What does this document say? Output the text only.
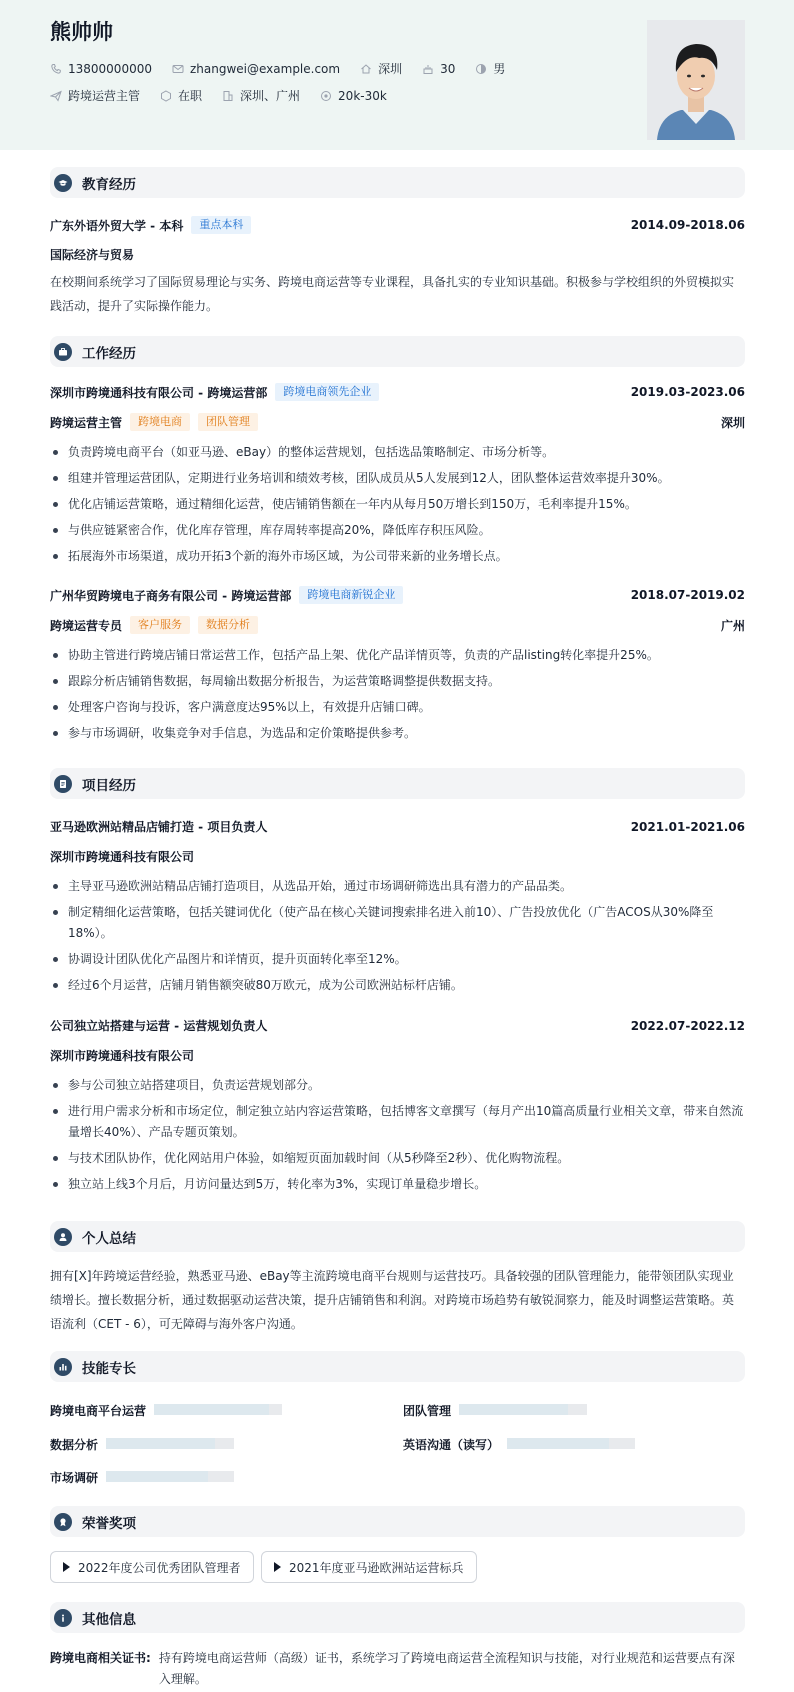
熊帅帅
13800000000	zhangwei@example.com	深圳	30	男
跨境运营主管	在职	深圳、广州	20k-30k
教育经历
广东外语外贸大学 - 本科	重点本科	2014.09-2018.06
国际经济与贸易
在校期间系统学习了国际贸易理论与实务、跨境电商运营等专业课程，具备扎实的专业知识基础。积极参与学校组织的外贸模拟实践活动，提升了实际操作能力。
工作经历
深圳市跨境通科技有限公司 - 跨境运营部	跨境电商领先企业	2019.03-2023.06
跨境运营主管	跨境电商	团队管理	深圳
负责跨境电商平台（如亚马逊、eBay）的整体运营规划，包括选品策略制定、市场分析等。
组建并管理运营团队，定期进行业务培训和绩效考核，团队成员从5人发展到12人，团队整体运营效率提升30%。
优化店铺运营策略，通过精细化运营，使店铺销售额在一年内从每月50万增长到150万，毛利率提升15%。
与供应链紧密合作，优化库存管理，库存周转率提高20%，降低库存积压风险。
拓展海外市场渠道，成功开拓3个新的海外市场区域，为公司带来新的业务增长点。
广州华贸跨境电子商务有限公司 - 跨境运营部	跨境电商新锐企业	2018.07-2019.02
跨境运营专员	客户服务	数据分析	广州
协助主管进行跨境店铺日常运营工作，包括产品上架、优化产品详情页等，负责的产品listing转化率提升25%。
跟踪分析店铺销售数据，每周输出数据分析报告，为运营策略调整提供数据支持。
处理客户咨询与投诉，客户满意度达95%以上，有效提升店铺口碑。
参与市场调研，收集竞争对手信息，为选品和定价策略提供参考。
项目经历
亚马逊欧洲站精品店铺打造 - 项目负责人	2021.01-2021.06
深圳市跨境通科技有限公司
主导亚马逊欧洲站精品店铺打造项目，从选品开始，通过市场调研筛选出具有潜力的产品品类。
制定精细化运营策略，包括关键词优化（使产品在核心关键词搜索排名进入前10）、广告投放优化（广告ACOS从30%降至18%）。
协调设计团队优化产品图片和详情页，提升页面转化率至12%。
经过6个月运营，店铺月销售额突破80万欧元，成为公司欧洲站标杆店铺。
公司独立站搭建与运营 - 运营规划负责人	2022.07-2022.12
深圳市跨境通科技有限公司
参与公司独立站搭建项目，负责运营规划部分。
进行用户需求分析和市场定位，制定独立站内容运营策略，包括博客文章撰写（每月产出10篇高质量行业相关文章，带来自然流量增长40%）、产品专题页策划。
与技术团队协作，优化网站用户体验，如缩短页面加载时间（从5秒降至2秒）、优化购物流程。
独立站上线3个月后，月访问量达到5万，转化率为3%，实现订单量稳步增长。
个人总结
拥有[X]年跨境运营经验，熟悉亚马逊、eBay等主流跨境电商平台规则与运营技巧。具备较强的团队管理能力，能带领团队实现业绩增长。擅长数据分析，通过数据驱动运营决策，提升店铺销售和利润。对跨境市场趋势有敏锐洞察力，能及时调整运营策略。英语流利（CET - 6），可无障碍与海外客户沟通。
技能专长
跨境电商平台运营	团队管理
数据分析	英语沟通（读写）
市场调研
荣誉奖项
2022年度公司优秀团队管理者	2021年度亚马逊欧洲站运营标兵
其他信息
跨境电商相关证书: 持有跨境电商运营师（高级）证书，系统学习了跨境电商运营全流程知识与技能，对行业规范和运营要点有深入理解。
